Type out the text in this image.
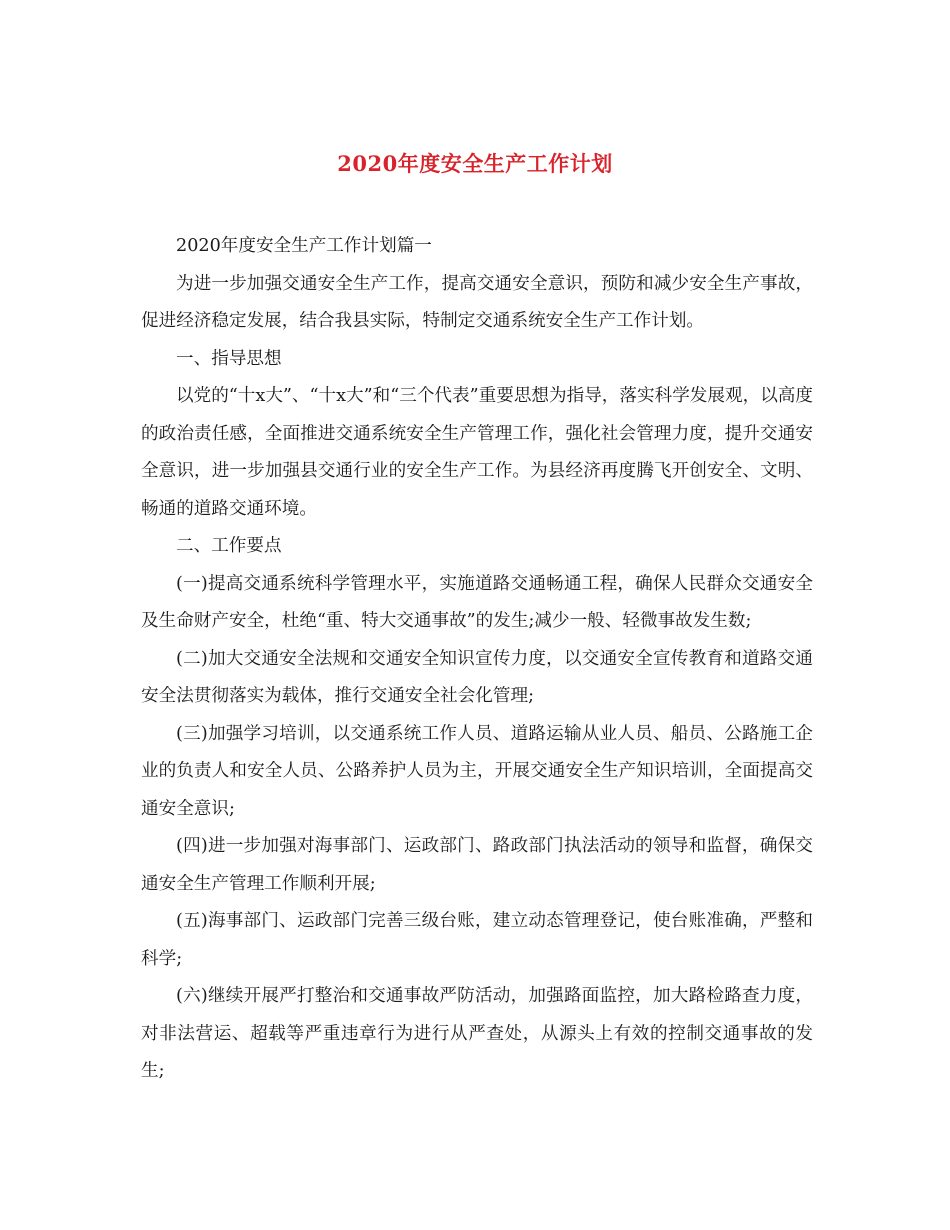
2020年度安全生产工作计划

2020年度安全生产工作计划篇一

为进一步加强交通安全生产工作，提高交通安全意识，预防和减少安全生产事故，促进经济稳定发展，结合我县实际，特制定交通系统安全生产工作计划。

一、指导思想

以党的“十x大”、“十x大”和“三个代表”重要思想为指导，落实科学发展观，以高度的政治责任感，全面推进交通系统安全生产管理工作，强化社会管理力度，提升交通安全意识，进一步加强县交通行业的安全生产工作。为县经济再度腾飞开创安全、文明、畅通的道路交通环境。

二、工作要点

(一)提高交通系统科学管理水平，实施道路交通畅通工程，确保人民群众交通安全及生命财产安全，杜绝“重、特大交通事故”的发生;减少一般、轻微事故发生数;

(二)加大交通安全法规和交通安全知识宣传力度，以交通安全宣传教育和道路交通安全法贯彻落实为载体，推行交通安全社会化管理;

(三)加强学习培训，以交通系统工作人员、道路运输从业人员、船员、公路施工企业的负责人和安全人员、公路养护人员为主，开展交通安全生产知识培训，全面提高交通安全意识;

(四)进一步加强对海事部门、运政部门、路政部门执法活动的领导和监督，确保交通安全生产管理工作顺利开展;

(五)海事部门、运政部门完善三级台账，建立动态管理登记，使台账准确，严整和科学;

(六)继续开展严打整治和交通事故严防活动，加强路面监控，加大路检路查力度，对非法营运、超载等严重违章行为进行从严查处，从源头上有效的控制交通事故的发生;
